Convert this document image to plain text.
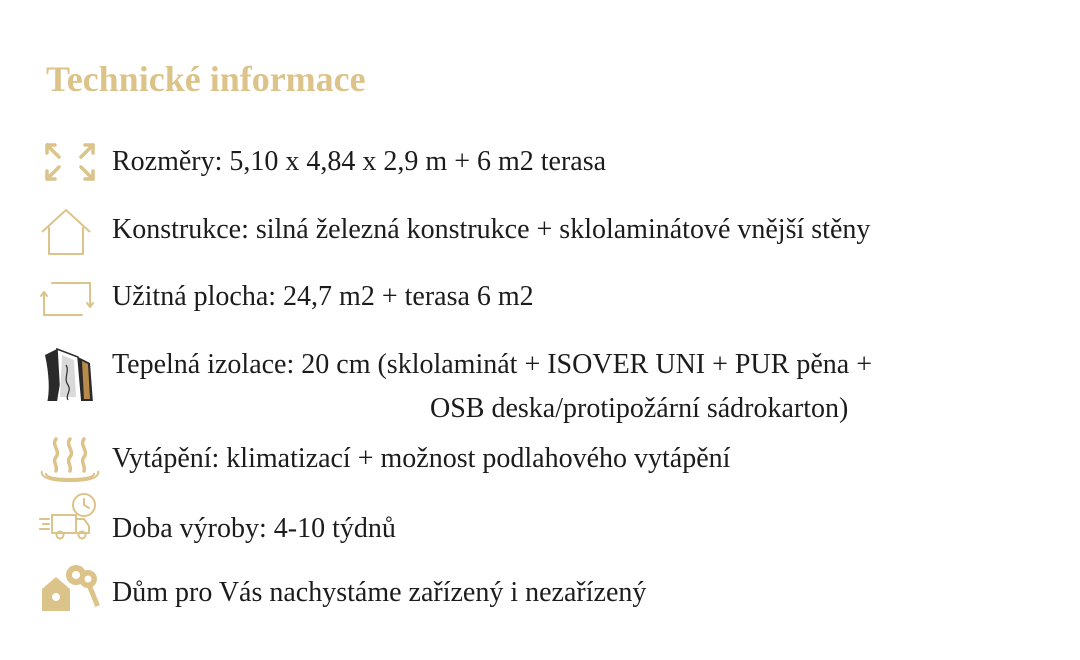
Technické informace
Rozměry: 5,10 x 4,84 x 2,9 m + 6 m2 terasa
Konstrukce: silná železná konstrukce + sklolaminátové vnější stěny
Užitná plocha: 24,7 m2 + terasa 6 m2
Tepelná izolace: 20 cm (sklolaminát + ISOVER UNI + PUR pěna +
OSB deska/protipožární sádrokarton)
Vytápění: klimatizací + možnost podlahového vytápění
Doba výroby: 4-10 týdnů
Dům pro Vás nachystáme zařízený i nezařízený
